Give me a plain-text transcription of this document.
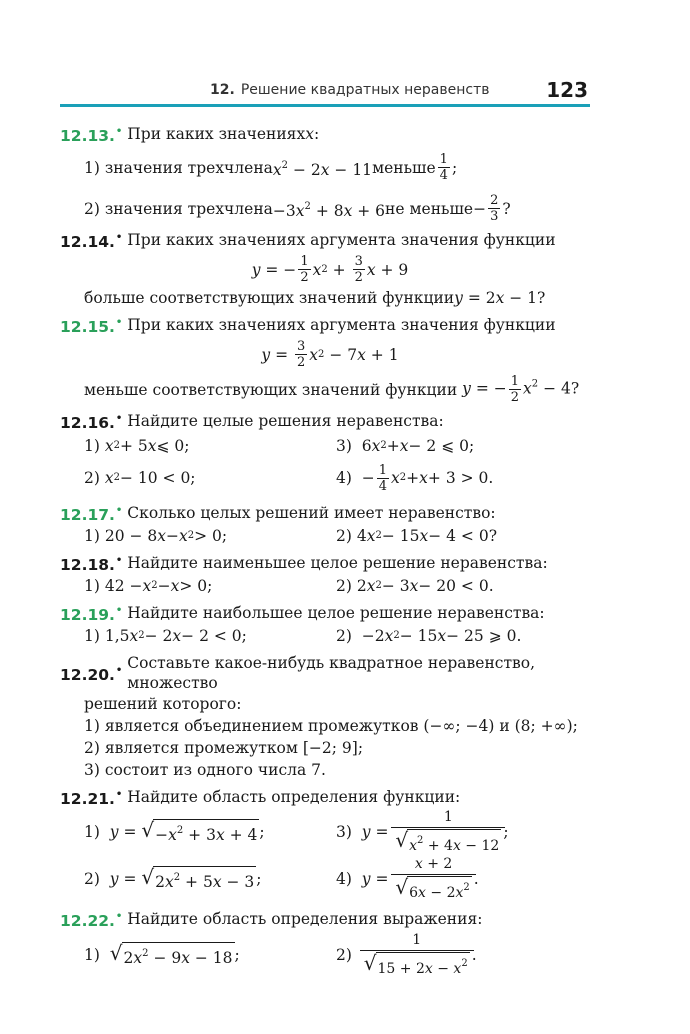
12. Решение квадратных неравенств	123
12.13.•
При каких значениях x :
1) значения трехчлена $x^2 - 2x - 11$ меньше $\frac{1}{4}$ ;
2) значения трехчлена $-3x^2 + 8x + 6$ не меньше − $\frac{2}{3}$ ?
12.14.•
При каких значениях аргумента значения функции
y = − $\frac{1}{2}$ x $2 + \frac{3}{2}$ x + 9
больше соответствующих значений функции y = 2x − 1?
12.15.•
При каких значениях аргумента значения функции
$y = \frac{3}{2}$ x 2 − 7 x + 1
меньше соответствующих значений функции y = − $\frac{1}{2} x^2 - 4$?
12.16.•
Найдите целые решения неравенства:
1) x 2 + 5 x ⩽ 0;	3)  6 x 2 + x − 2 ⩽ 0;
2) x 2 − 10 < 0;	$4) - \frac{1}{4}$ x 2 + x + 3 > 0.
12.17.•
Сколько целых решений имеет неравенство:
1) 20 − 8 x − x 2 > 0;	2) 4 x 2 − 15 x − 4 < 0?
12.18.•
Найдите наименьшее целое решение неравенства:
1) 42 − x 2 − x > 0;	2) 2 x 2 − 3 x − 20 < 0.
12.19.•
Найдите наибольшее целое решение неравенства:
1) 1,5 x 2 − 2 x − 2 < 0;	2)  −2 x 2 − 15 x − 25 ⩾ 0.
12.20.•
Составьте какое-нибудь квадратное неравенство, множество
решений которого:
1) является объединением промежутков (−∞; −4) и (8; +∞);
2) является промежутком [−2; 9];
3) состоит из одного числа 7.
12.21.•
Найдите область определения функции:
1) y = √ $-x^2 + 3x + 4$ ;	3) y =
1
√ $x^2 + 4x - 12$
;
2) y = √ $2x^2 + 5x - 3$ ;	4) y =
x + 2
√ $6x - 2x^2$ .
12.22.•
Найдите область определения выражения:
1) √ $2x^2 - 9x - 18$ ;	2)
1
√ $15 + 2x - x^2$ .
